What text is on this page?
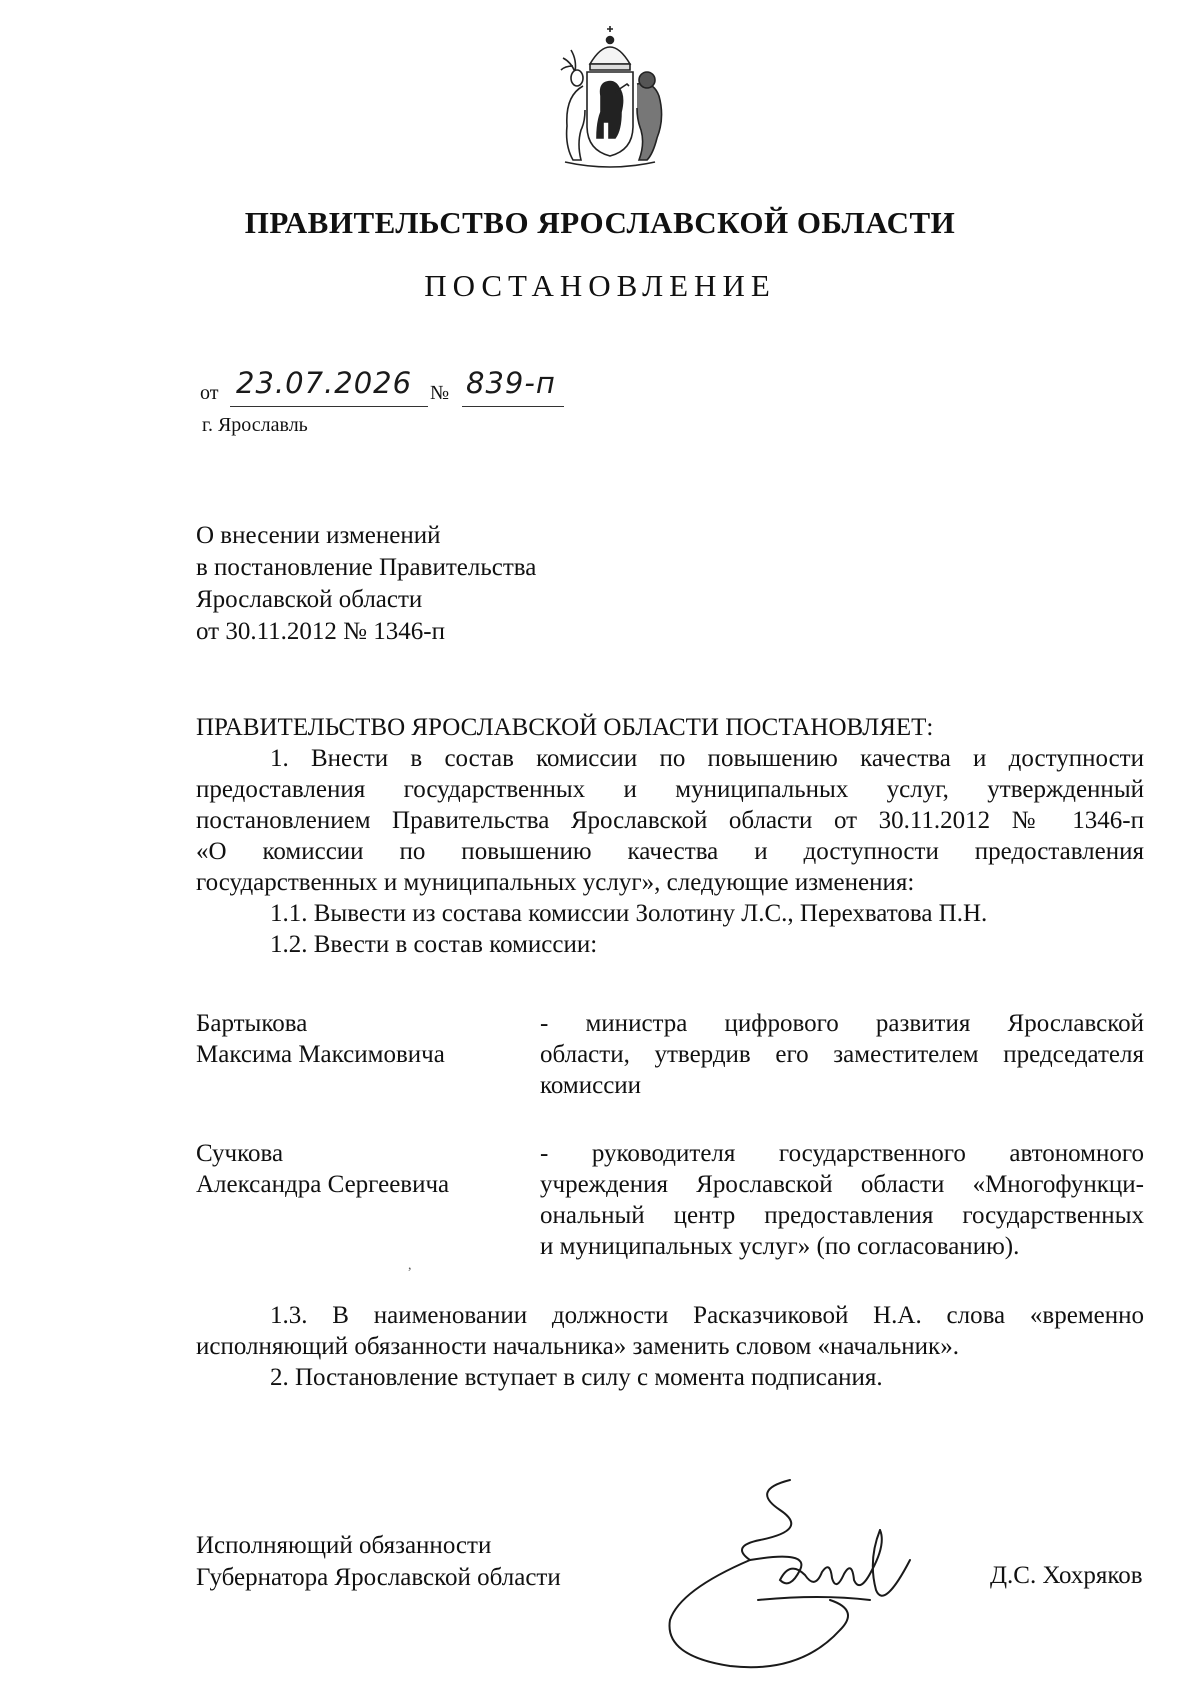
ПРАВИТЕЛЬСТВО ЯРОСЛАВСКОЙ ОБЛАСТИ
ПОСТАНОВЛЕНИЕ
от 23.07.2026 № 839-п
г. Ярославль
О внесении изменений
в постановление Правительства
Ярославской области
от 30.11.2012 № 1346-п
ПРАВИТЕЛЬСТВО ЯРОСЛАВСКОЙ ОБЛАСТИ ПОСТАНОВЛЯЕТ:
1. Внести в состав комиссии по повышению качества и доступности
предоставления государственных и муниципальных услуг, утвержденный
постановлением Правительства Ярославской области от 30.11.2012 № 1346-п
«О комиссии по повышению качества и доступности предоставления
государственных и муниципальных услуг», следующие изменения:
1.1. Вывести из состава комиссии Золотину Л.С., Перехватова П.Н.
1.2. Ввести в состав комиссии:
Бартыкова
Максима Максимовича
- министра цифрового развития Ярославской
области, утвердив его заместителем председателя
комиссии
Сучкова
Александра Сергеевича
- руководителя государственного автономного
учреждения Ярославской области «Многофункци-
ональный центр предоставления государственных
и муниципальных услуг» (по согласованию).
,
1.3. В наименовании должности Расказчиковой Н.А. слова «временно
исполняющий обязанности начальника» заменить словом «начальник».
2. Постановление вступает в силу с момента подписания.
Исполняющий обязанности
Губернатора Ярославской области	Д.С. Хохряков
